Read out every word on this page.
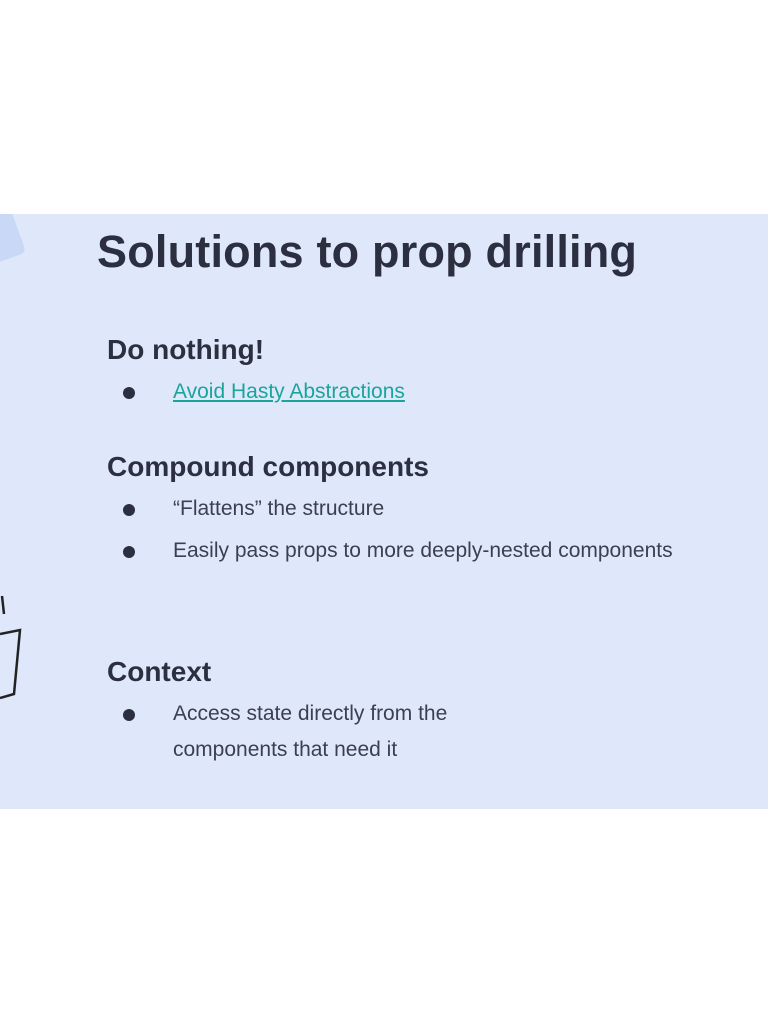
Solutions to prop drilling
Do nothing!
Avoid Hasty Abstractions
Compound components
“Flattens” the structure
Easily pass props to more deeply-nested components
Context
Access state directly from the components that need it
